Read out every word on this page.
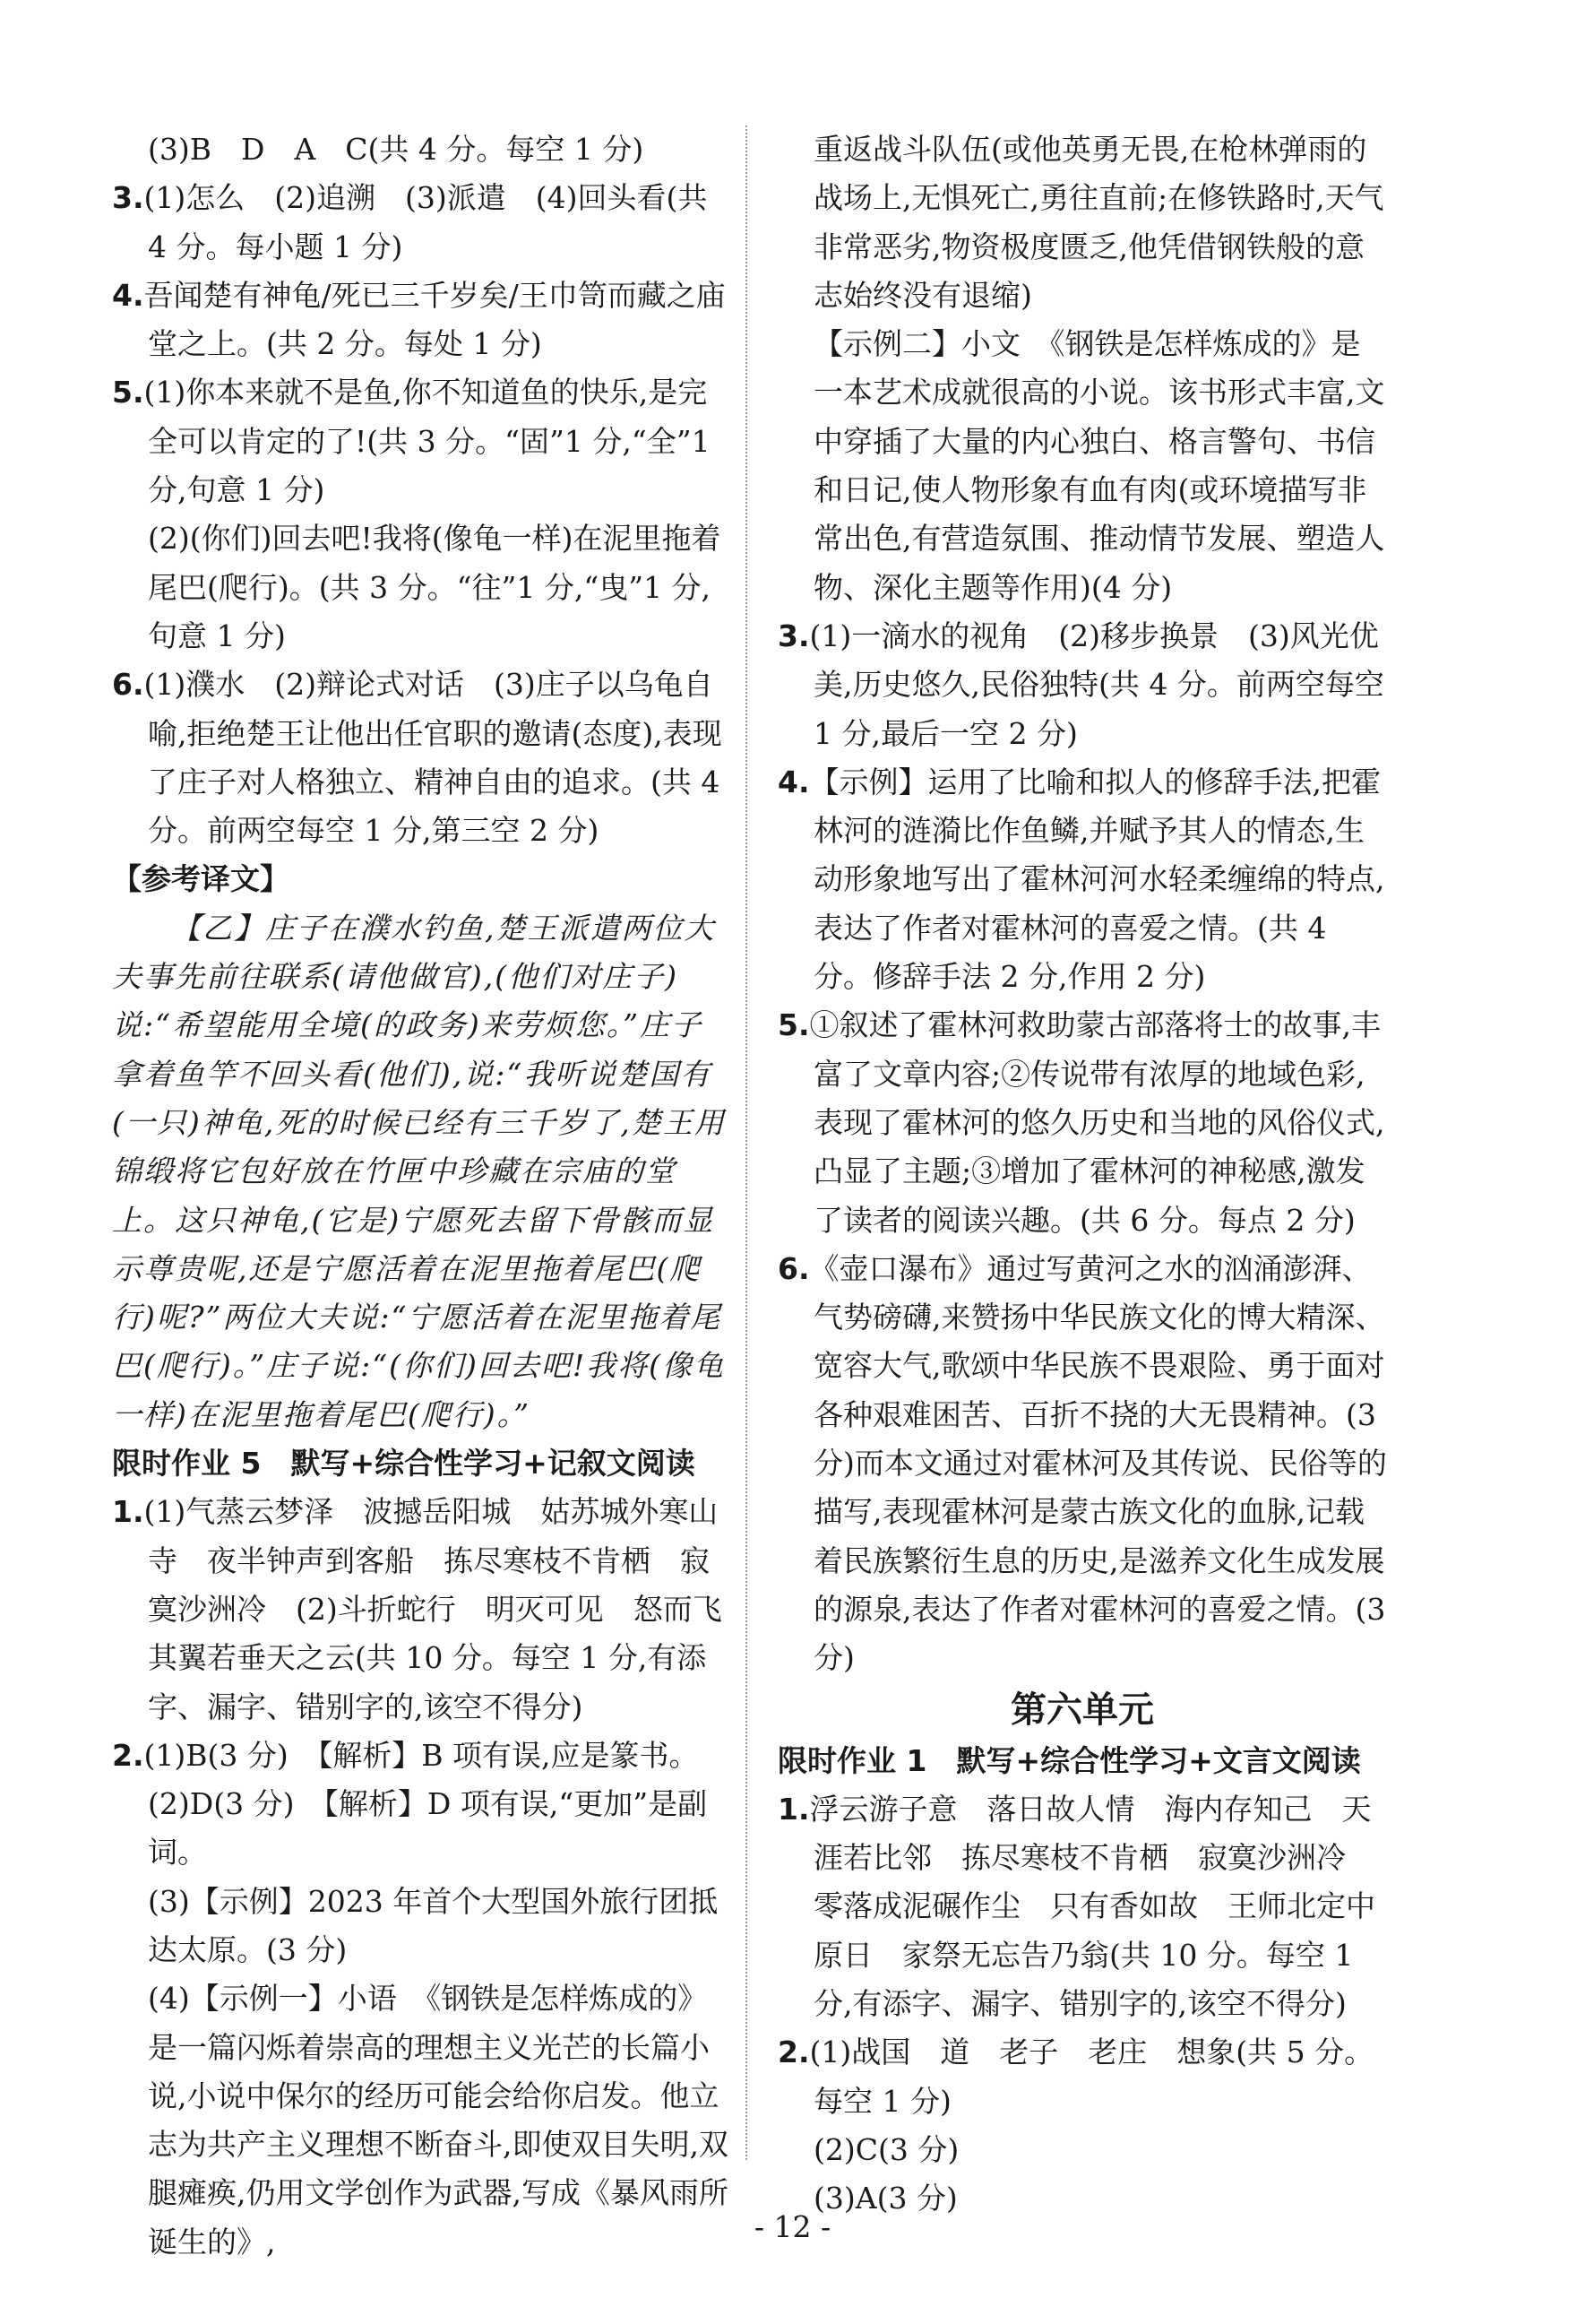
(3)B　D　A　C(共 4 分。每空 1 分)

3.(1)怎么　(2)追溯　(3)派遣　(4)回头看(共 4 分。每小题 1 分)

4.吾闻楚有神龟/死已三千岁矣/王巾笥而藏之庙堂之上。(共 2 分。每处 1 分)

5.(1)你本来就不是鱼,你不知道鱼的快乐,是完全可以肯定的了!(共 3 分。“固”1 分,“全”1 分,句意 1 分)

(2)(你们)回去吧!我将(像龟一样)在泥里拖着尾巴(爬行)。(共 3 分。“往”1 分,“曳”1 分,句意 1 分)

6.(1)濮水　(2)辩论式对话　(3)庄子以乌龟自喻,拒绝楚王让他出任官职的邀请(态度),表现了庄子对人格独立、精神自由的追求。(共 4 分。前两空每空 1 分,第三空 2 分)

【参考译文】

【乙】庄子在濮水钓鱼,楚王派遣两位大夫事先前往联系(请他做官),(他们对庄子)说:“希望能用全境(的政务)来劳烦您。”庄子拿着鱼竿不回头看(他们),说:“我听说楚国有(一只)神龟,死的时候已经有三千岁了,楚王用锦缎将它包好放在竹匣中珍藏在宗庙的堂上。这只神龟,(它是)宁愿死去留下骨骸而显示尊贵呢,还是宁愿活着在泥里拖着尾巴(爬行)呢?”两位大夫说:“宁愿活着在泥里拖着尾巴(爬行)。”庄子说:“(你们)回去吧!我将(像龟一样)在泥里拖着尾巴(爬行)。”

限时作业 5　默写+综合性学习+记叙文阅读

1.(1)气蒸云梦泽　波撼岳阳城　姑苏城外寒山寺　夜半钟声到客船　拣尽寒枝不肯栖　寂寞沙洲冷　(2)斗折蛇行　明灭可见　怒而飞　其翼若垂天之云(共 10 分。每空 1 分,有添字、漏字、错别字的,该空不得分)

2.(1)B(3 分)　【解析】B 项有误,应是篆书。

(2)D(3 分)　【解析】D 项有误,“更加”是副词。

(3)【示例】2023 年首个大型国外旅行团抵达太原。(3 分)

(4)【示例一】小语　《钢铁是怎样炼成的》是一篇闪烁着崇高的理想主义光芒的长篇小说,小说中保尔的经历可能会给你启发。他立志为共产主义理想不断奋斗,即使双目失明,双腿瘫痪,仍用文学创作为武器,写成《暴风雨所诞生的》,

重返战斗队伍(或他英勇无畏,在枪林弹雨的战场上,无惧死亡,勇往直前;在修铁路时,天气非常恶劣,物资极度匮乏,他凭借钢铁般的意志始终没有退缩)

【示例二】小文　《钢铁是怎样炼成的》是一本艺术成就很高的小说。该书形式丰富,文中穿插了大量的内心独白、格言警句、书信和日记,使人物形象有血有肉(或环境描写非常出色,有营造氛围、推动情节发展、塑造人物、深化主题等作用)(4 分)

3.(1)一滴水的视角　(2)移步换景　(3)风光优美,历史悠久,民俗独特(共 4 分。前两空每空 1 分,最后一空 2 分)

4.【示例】运用了比喻和拟人的修辞手法,把霍林河的涟漪比作鱼鳞,并赋予其人的情态,生动形象地写出了霍林河河水轻柔缠绵的特点,表达了作者对霍林河的喜爱之情。(共 4 分。修辞手法 2 分,作用 2 分)

5.①叙述了霍林河救助蒙古部落将士的故事,丰富了文章内容;②传说带有浓厚的地域色彩,表现了霍林河的悠久历史和当地的风俗仪式,凸显了主题;③增加了霍林河的神秘感,激发了读者的阅读兴趣。(共 6 分。每点 2 分)

6.《壶口瀑布》通过写黄河之水的汹涌澎湃、气势磅礴,来赞扬中华民族文化的博大精深、宽容大气,歌颂中华民族不畏艰险、勇于面对各种艰难困苦、百折不挠的大无畏精神。(3 分)而本文通过对霍林河及其传说、民俗等的描写,表现霍林河是蒙古族文化的血脉,记载着民族繁衍生息的历史,是滋养文化生成发展的源泉,表达了作者对霍林河的喜爱之情。(3 分)

第六单元

限时作业 1　默写+综合性学习+文言文阅读

1.浮云游子意　落日故人情　海内存知己　天涯若比邻　拣尽寒枝不肯栖　寂寞沙洲冷　零落成泥碾作尘　只有香如故　王师北定中原日　家祭无忘告乃翁(共 10 分。每空 1 分,有添字、漏字、错别字的,该空不得分)

2.(1)战国　道　老子　老庄　想象(共 5 分。每空 1 分)

(2)C(3 分)

(3)A(3 分)

- 12 -
